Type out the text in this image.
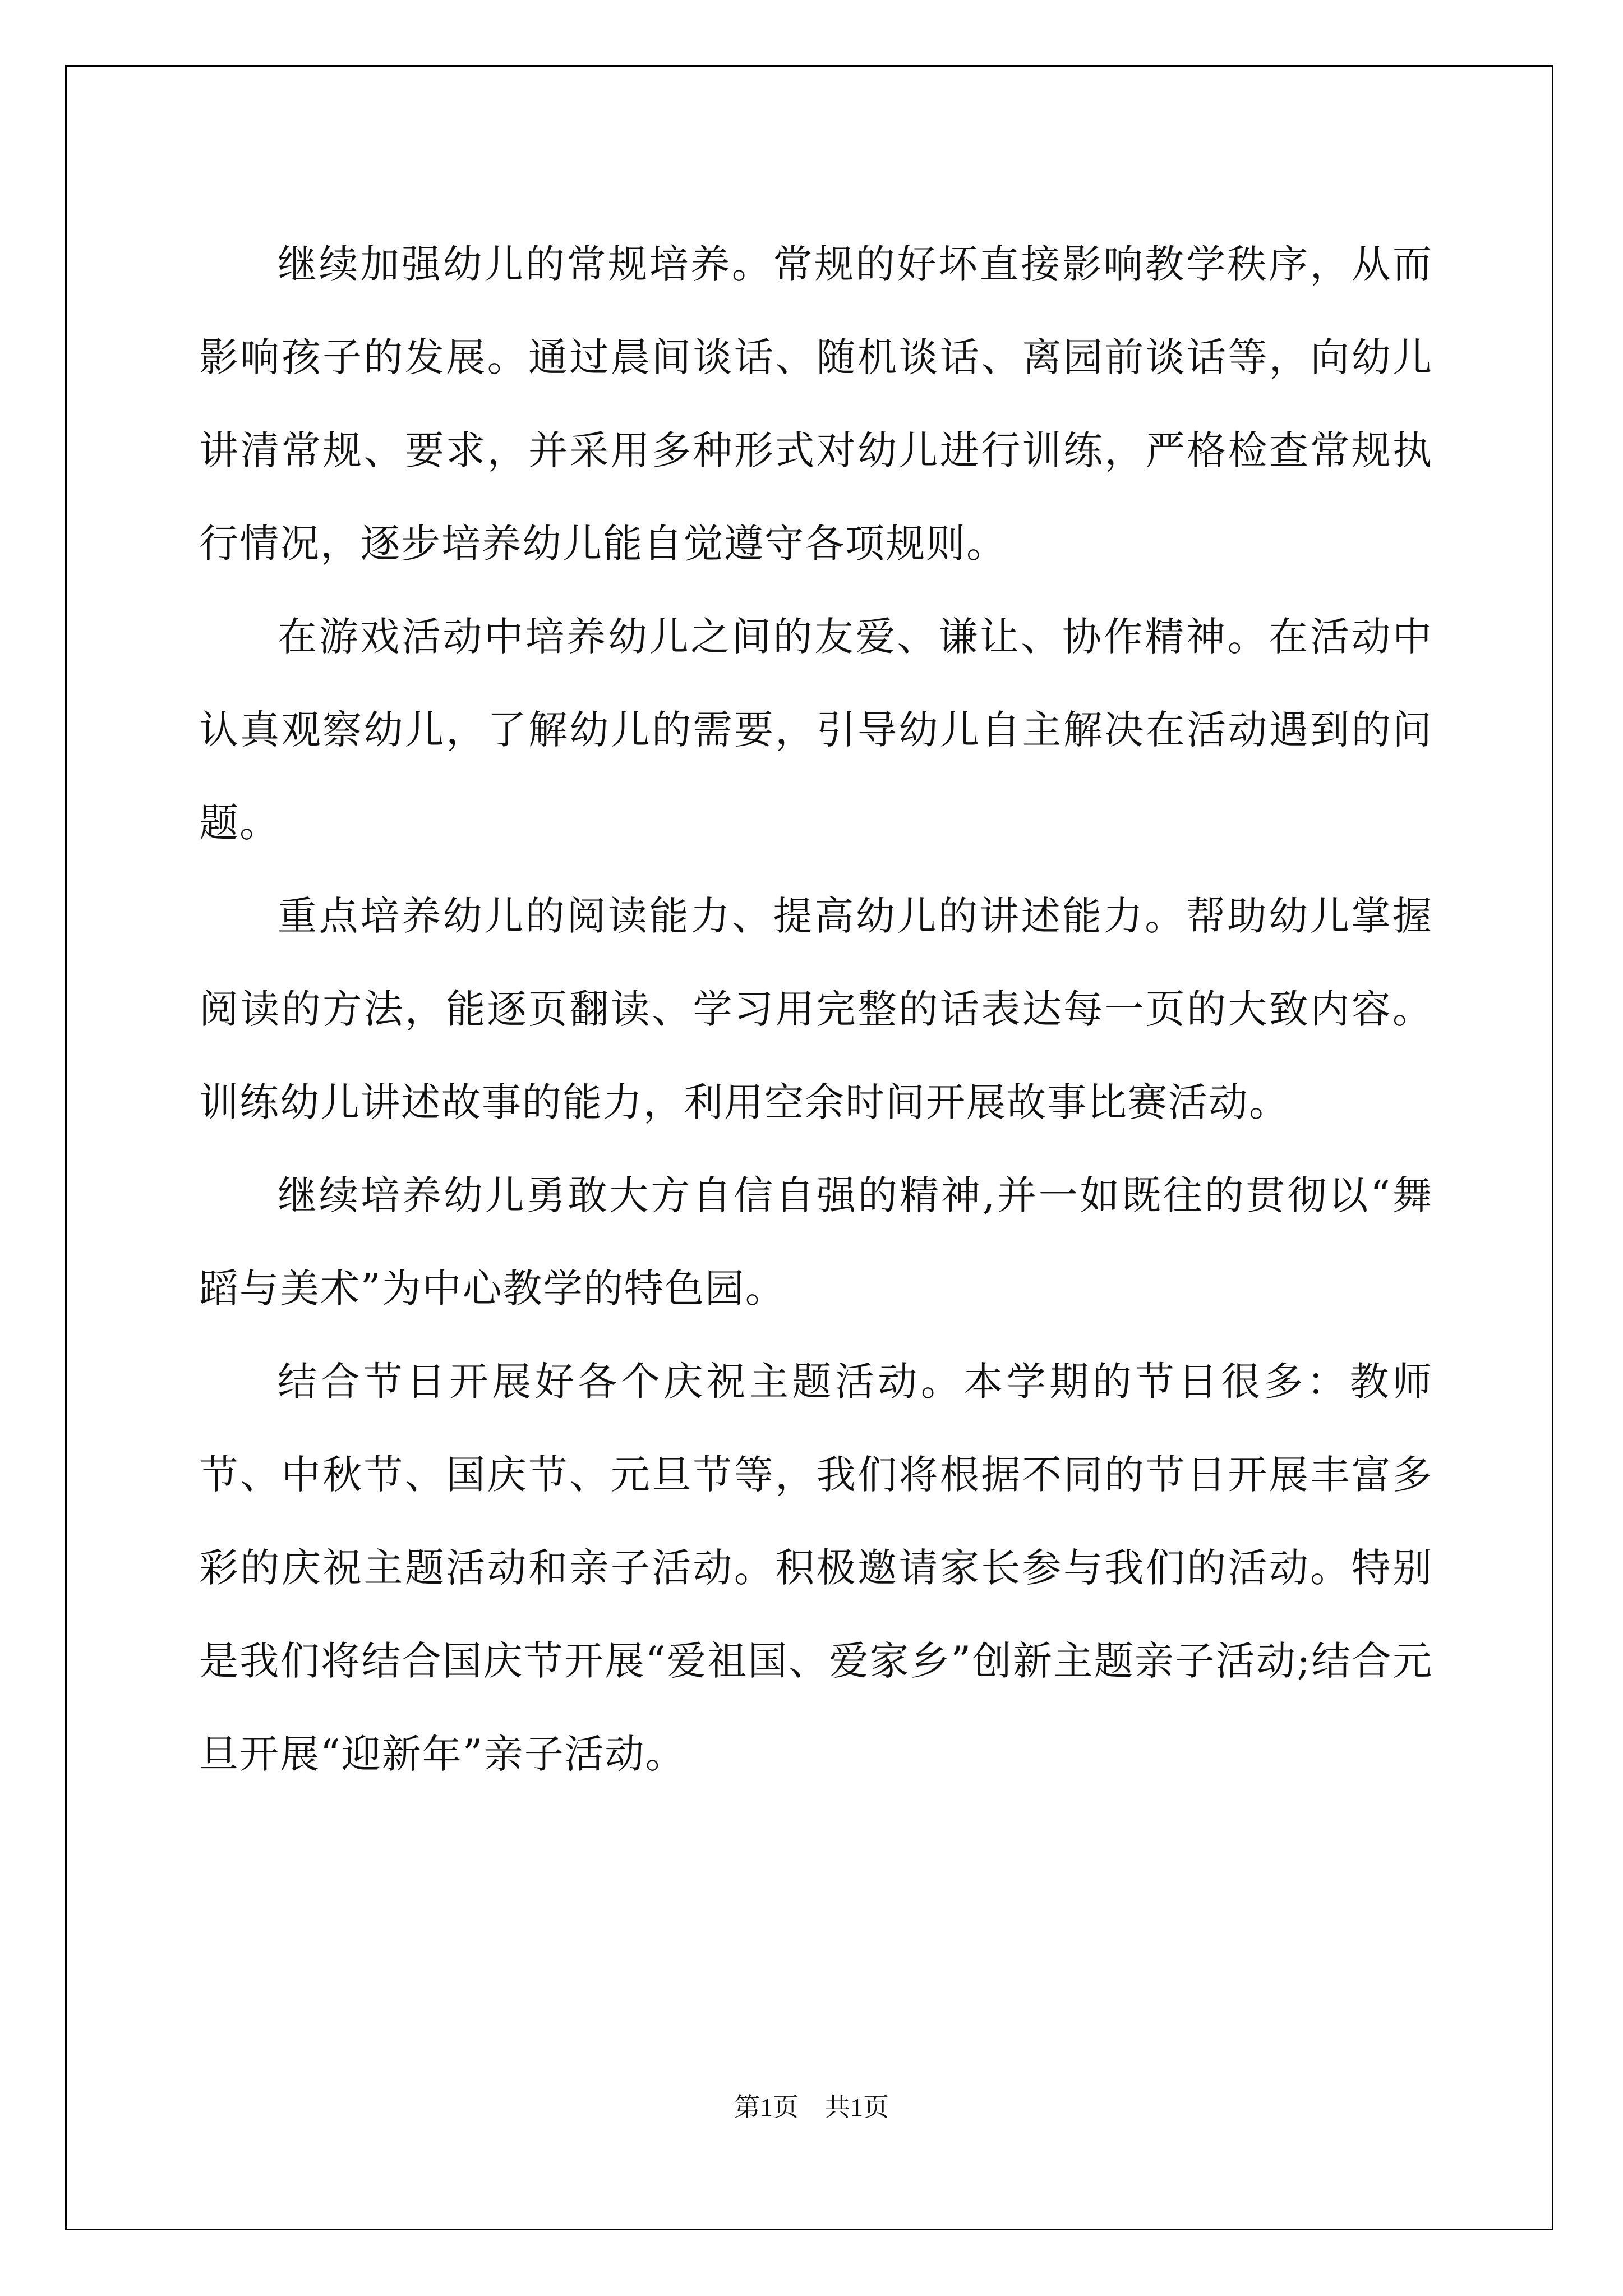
继续加强幼儿的常规培养。常规的好坏直接影响教学秩序，从而影响孩子的发展。通过晨间谈话、随机谈话、离园前谈话等，向幼儿讲清常规、要求，并采用多种形式对幼儿进行训练，严格检查常规执行情况，逐步培养幼儿能自觉遵守各项规则。

在游戏活动中培养幼儿之间的友爱、谦让、协作精神。在活动中认真观察幼儿，了解幼儿的需要，引导幼儿自主解决在活动遇到的问题。

重点培养幼儿的阅读能力、提高幼儿的讲述能力。帮助幼儿掌握阅读的方法，能逐页翻读、学习用完整的话表达每一页的大致内容。训练幼儿讲述故事的能力，利用空余时间开展故事比赛活动。

继续培养幼儿勇敢大方自信自强的精神,并一如既往的贯彻以“舞蹈与美术”为中心教学的特色园。

结合节日开展好各个庆祝主题活动。本学期的节日很多：教师节、中秋节、国庆节、元旦节等，我们将根据不同的节日开展丰富多彩的庆祝主题活动和亲子活动。积极邀请家长参与我们的活动。特别是我们将结合国庆节开展“爱祖国、爱家乡”创新主题亲子活动;结合元旦开展“迎新年”亲子活动。

第1页 共1页
